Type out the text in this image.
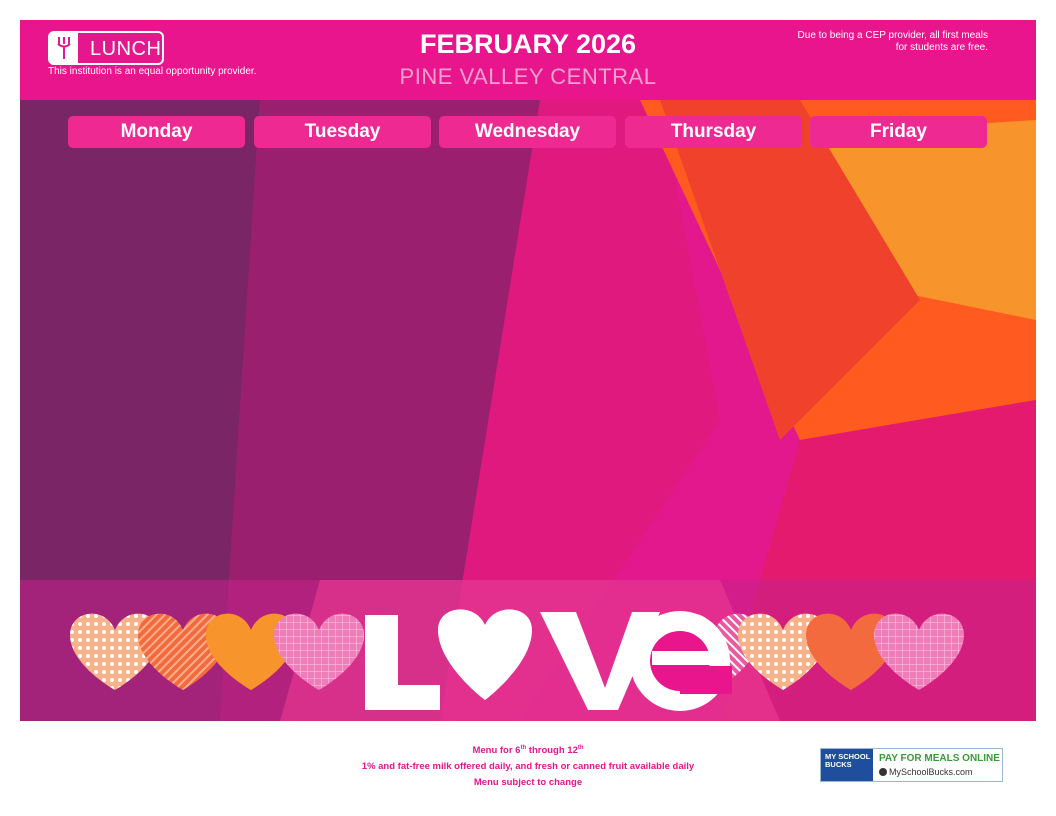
LUNCH
This institution is an equal opportunity provider.
FEBRUARY 2026
PINE VALLEY CENTRAL
Due to being a CEP provider, all first meals for students are free.
Monday	Tuesday	Wednesday	Thursday	Friday
Menu for 6th through 12th
1% and fat-free milk offered daily, and fresh or canned fruit available daily
Menu subject to change
MY SCHOOL BUCKS
PAY FOR MEALS ONLINE
MySchoolBucks.com
